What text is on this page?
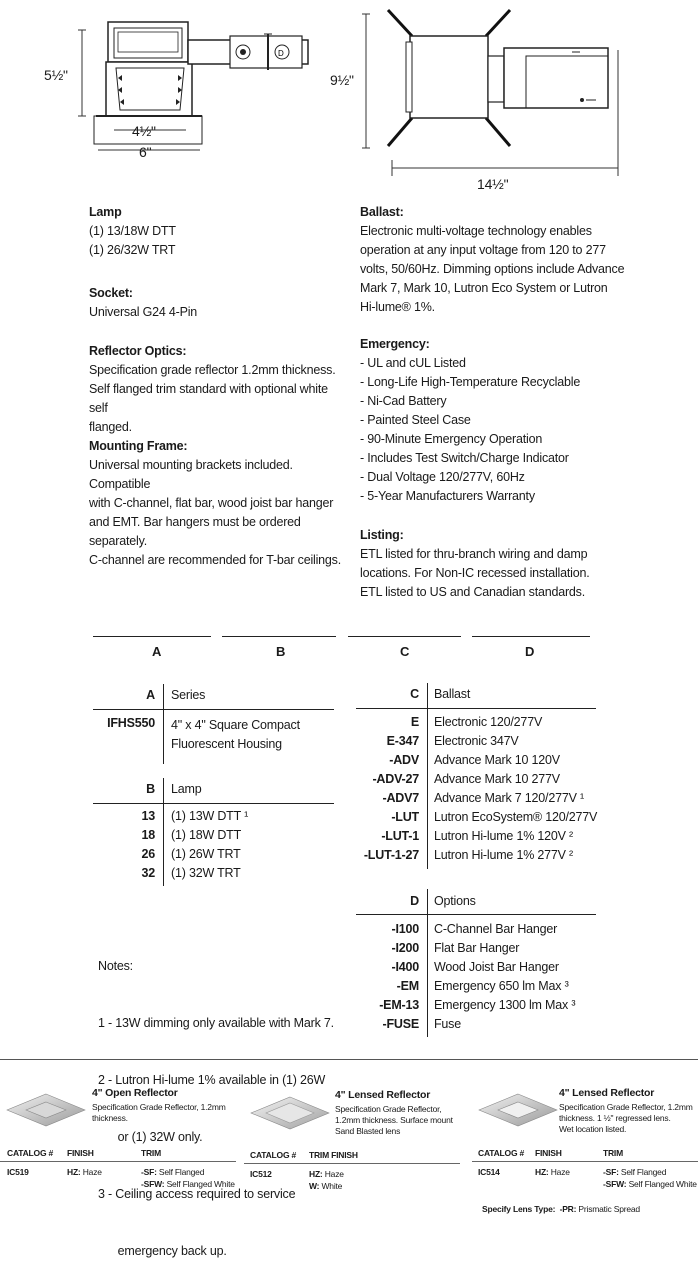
D
5½"
4½"
6"
9½"
14½"
Lamp
(1) 13/18W DTT
(1) 26/32W TRT
Socket:
Universal G24 4-Pin
Reflector Optics:
Specification grade reflector 1.2mm thickness.
Self flanged trim standard with optional white self
flanged.
Mounting Frame:
Universal mounting brackets included. Compatible
with C-channel, flat bar, wood joist bar hanger
and EMT. Bar hangers must be ordered separately.
C-channel are recommended for T-bar ceilings.
Ballast:
Electronic multi-voltage technology enables
operation at any input voltage from 120 to 277
volts, 50/60Hz. Dimming options include Advance
Mark 7, Mark 10, Lutron Eco System or Lutron
Hi-lume® 1%.
Emergency:
- UL and cUL Listed
- Long-Life High-Temperature Recyclable
- Ni-Cad Battery
- Painted Steel Case
- 90-Minute Emergency Operation
- Includes Test Switch/Charge Indicator
- Dual Voltage 120/277V, 60Hz
- 5-Year Manufacturers Warranty
Listing:
ETL listed for thru-branch wiring and damp
locations. For Non-IC recessed installation.
ETL listed to US and Canadian standards.
A	B	C	D
A Series
IFHS550 4" x 4" Square Compact
Fluorescent Housing
B Lamp
13 (1) 13W DTT ¹
18 (1) 18W DTT
26 (1) 26W TRT
32 (1) 32W TRT
C Ballast
E Electronic 120/277V
E-347 Electronic 347V
-ADV Advance Mark 10 120V
-ADV-27 Advance Mark 10 277V
-ADV7 Advance Mark 7 120/277V ¹
-LUT Lutron EcoSystem® 120/277V
-LUT-1 Lutron Hi-lume 1% 120V ²
-LUT-1-27 Lutron Hi-lume 1% 277V ²
D Options
-I100 C-Channel Bar Hanger
-I200 Flat Bar Hanger
-I400 Wood Joist Bar Hanger
-EM Emergency 650 lm Max ³
-EM-13 Emergency 1300 lm Max ³
-FUSE Fuse

Notes:

1 - 13W dimming only available with Mark 7.

2 - Lutron Hi-lume 1% available in (1) 26W

or (1) 32W only.

3 - Ceiling access required to service

emergency back up.

4" Open Reflector
Specification Grade Reflector, 1.2mm
thickness.
CATALOG # FINISH	TRIM
IC519	HZ: Haze	-SF: Self Flanged
-SFW: Self Flanged White
4" Lensed Reflector
Specification Grade Reflector,
1.2mm thickness. Surface mount
Sand Blasted lens
CATALOG # TRIM FINISH
IC512	HZ: Haze
W: White
4" Lensed Reflector
Specification Grade Reflector, 1.2mm
thickness. 1 ½" regressed lens.
Wet location listed.
CATALOG # FINISH	TRIM
IC514	HZ: Haze	-SF: Self Flanged
-SFW: Self Flanged White
Specify Lens Type: -PR: Prismatic Spread
